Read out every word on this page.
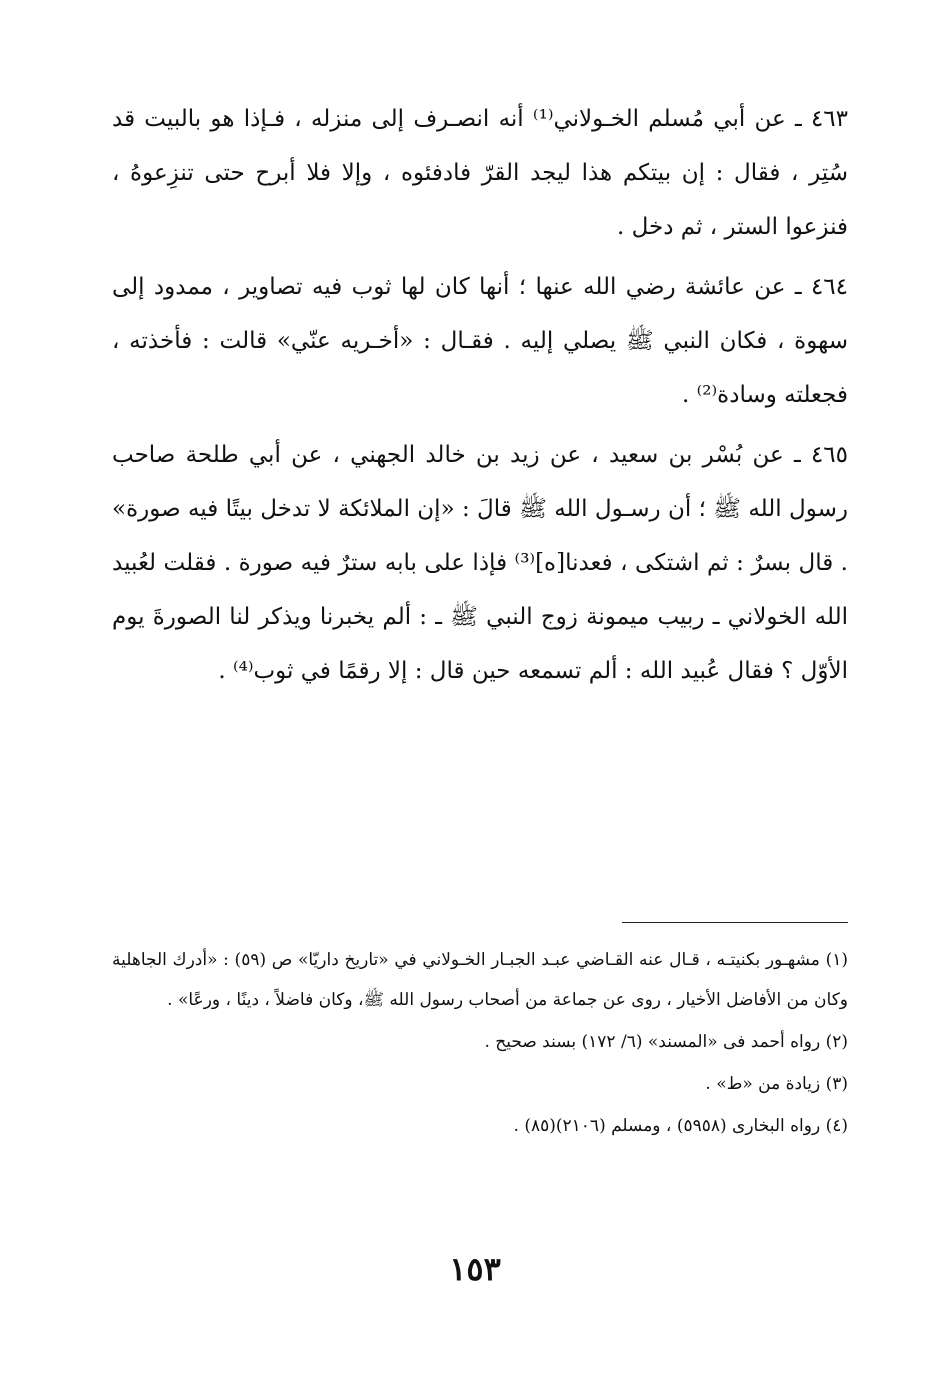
٤٦٣ ـ عن أبي مُسلم الخـولاني⁽¹⁾ أنه انصـرف إلى منزله ، فـإذا هو بالبيت قد سُتِر ، فقال : إن بيتكم هذا ليجد القرّ فادفئوه ، وإلا فلا أبرح حتى تنزِعوهُ ، فنزعوا الستر ، ثم دخل .

٤٦٤ ـ عن عائشة رضي الله عنها ؛ أنها كان لها ثوب فيه تصاوير ، ممدود إلى سهوة ، فكان النبي ﷺ يصلي إليه . فقـال : «أخـريه عنّي» قالت : فأخذته ، فجعلته وسادة⁽²⁾ .

٤٦٥ ـ عن بُسْر بن سعيد ، عن زيد بن خالد الجهني ، عن أبي طلحة صاحب رسول الله ﷺ ؛ أن رسـول الله ﷺ قالَ : «إن الملائكة لا تدخل بيتًا فيه صورة» . قال بسرٌ : ثم اشتكى ، فعدنا[ه]⁽³⁾ فإذا على بابه سترٌ فيه صورة . فقلت لعُبيد الله الخولاني ـ ربيب ميمونة زوج النبي ﷺ ـ : ألم يخبرنا ويذكر لنا الصورةَ يوم الأوّل ؟ فقال عُبيد الله : ألم تسمعه حين قال : إلا رقمًا في ثوب⁽⁴⁾ .

(١) مشهـور بكنيتـه ، قـال عنه القـاضي عبـد الجبـار الخـولاني في «تاريخ داريّا» ص (٥٩) : «أدرك الجاهلية وكان من الأفاضل الأخيار ، روى عن جماعة من أصحاب رسول الله ﷺ، وكان فاضلاً ، دينًا ، ورعًا» .

(٢) رواه أحمد فى «المسند» (٦/ ١٧٢) بسند صحيح .

(٣) زيادة من «ط» .

(٤) رواه البخارى (٥٩٥٨) ، ومسلم (٢١٠٦)(٨٥) .

١٥٣
